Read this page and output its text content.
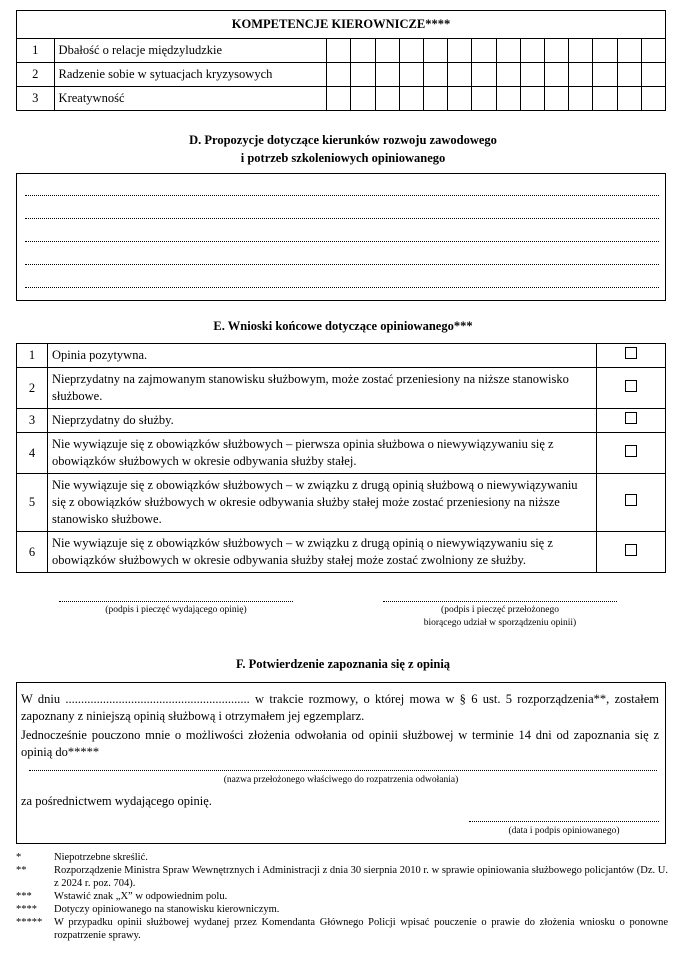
KOMPETENCJE KIEROWNICZE****															
1	Dbałość o relacje międzyludzkie														
2	Radzenie sobie w sytuacjach kryzysowych														
3	Kreatywność														
D. Propozycje dotyczące kierunków rozwoju zawodowego
i potrzeb szkoleniowych opiniowanego
E. Wnioski końcowe dotyczące opiniowanego***
1	Opinia pozytywna.	
2	Nieprzydatny na zajmowanym stanowisku służbowym, może zostać przeniesiony na niższe stanowisko służbowe.	
3	Nieprzydatny do służby.	
4	Nie wywiązuje się z obowiązków służbowych – pierwsza opinia służbowa o niewywiązywaniu się z obowiązków służbowych w okresie odbywania służby stałej.	
5	Nie wywiązuje się z obowiązków służbowych – w związku z drugą opinią służbową o niewywiązywaniu się z obowiązków służbowych w okresie odbywania służby stałej może zostać przeniesiony na niższe stanowisko służbowe.	
6	Nie wywiązuje się z obowiązków służbowych – w związku z drugą opinią o niewywiązywaniu się z obowiązków służbowych w okresie odbywania służby stałej może zostać zwolniony ze służby.	
(podpis i pieczęć wydającego opinię)	(podpis i pieczęć przełożonego
biorącego udział w sporządzeniu opinii)
F. Potwierdzenie zapoznania się z opinią
W dniu ........................................................... w trakcie rozmowy, o której mowa w § 6 ust. 5 rozporządzenia**, zostałem zapoznany z niniejszą opinią służbową i otrzymałem jej egzemplarz.
Jednocześnie pouczono mnie o możliwości złożenia odwołania od opinii służbowej w terminie 14 dni od zapoznania się z opinią do*****
(nazwa przełożonego właściwego do rozpatrzenia odwołania)
za pośrednictwem wydającego opinię.
(data i podpis opiniowanego)
*	Niepotrzebne skreślić.
**	Rozporządzenie Ministra Spraw Wewnętrznych i Administracji z dnia 30 sierpnia 2010 r. w sprawie opiniowania służbowego policjantów (Dz. U. z 2024 r. poz. 704).
***	Wstawić znak „X” w odpowiednim polu.
****	Dotyczy opiniowanego na stanowisku kierowniczym.
*****	W przypadku opinii służbowej wydanej przez Komendanta Głównego Policji wpisać pouczenie o prawie do złożenia wniosku o ponowne rozpatrzenie sprawy.
